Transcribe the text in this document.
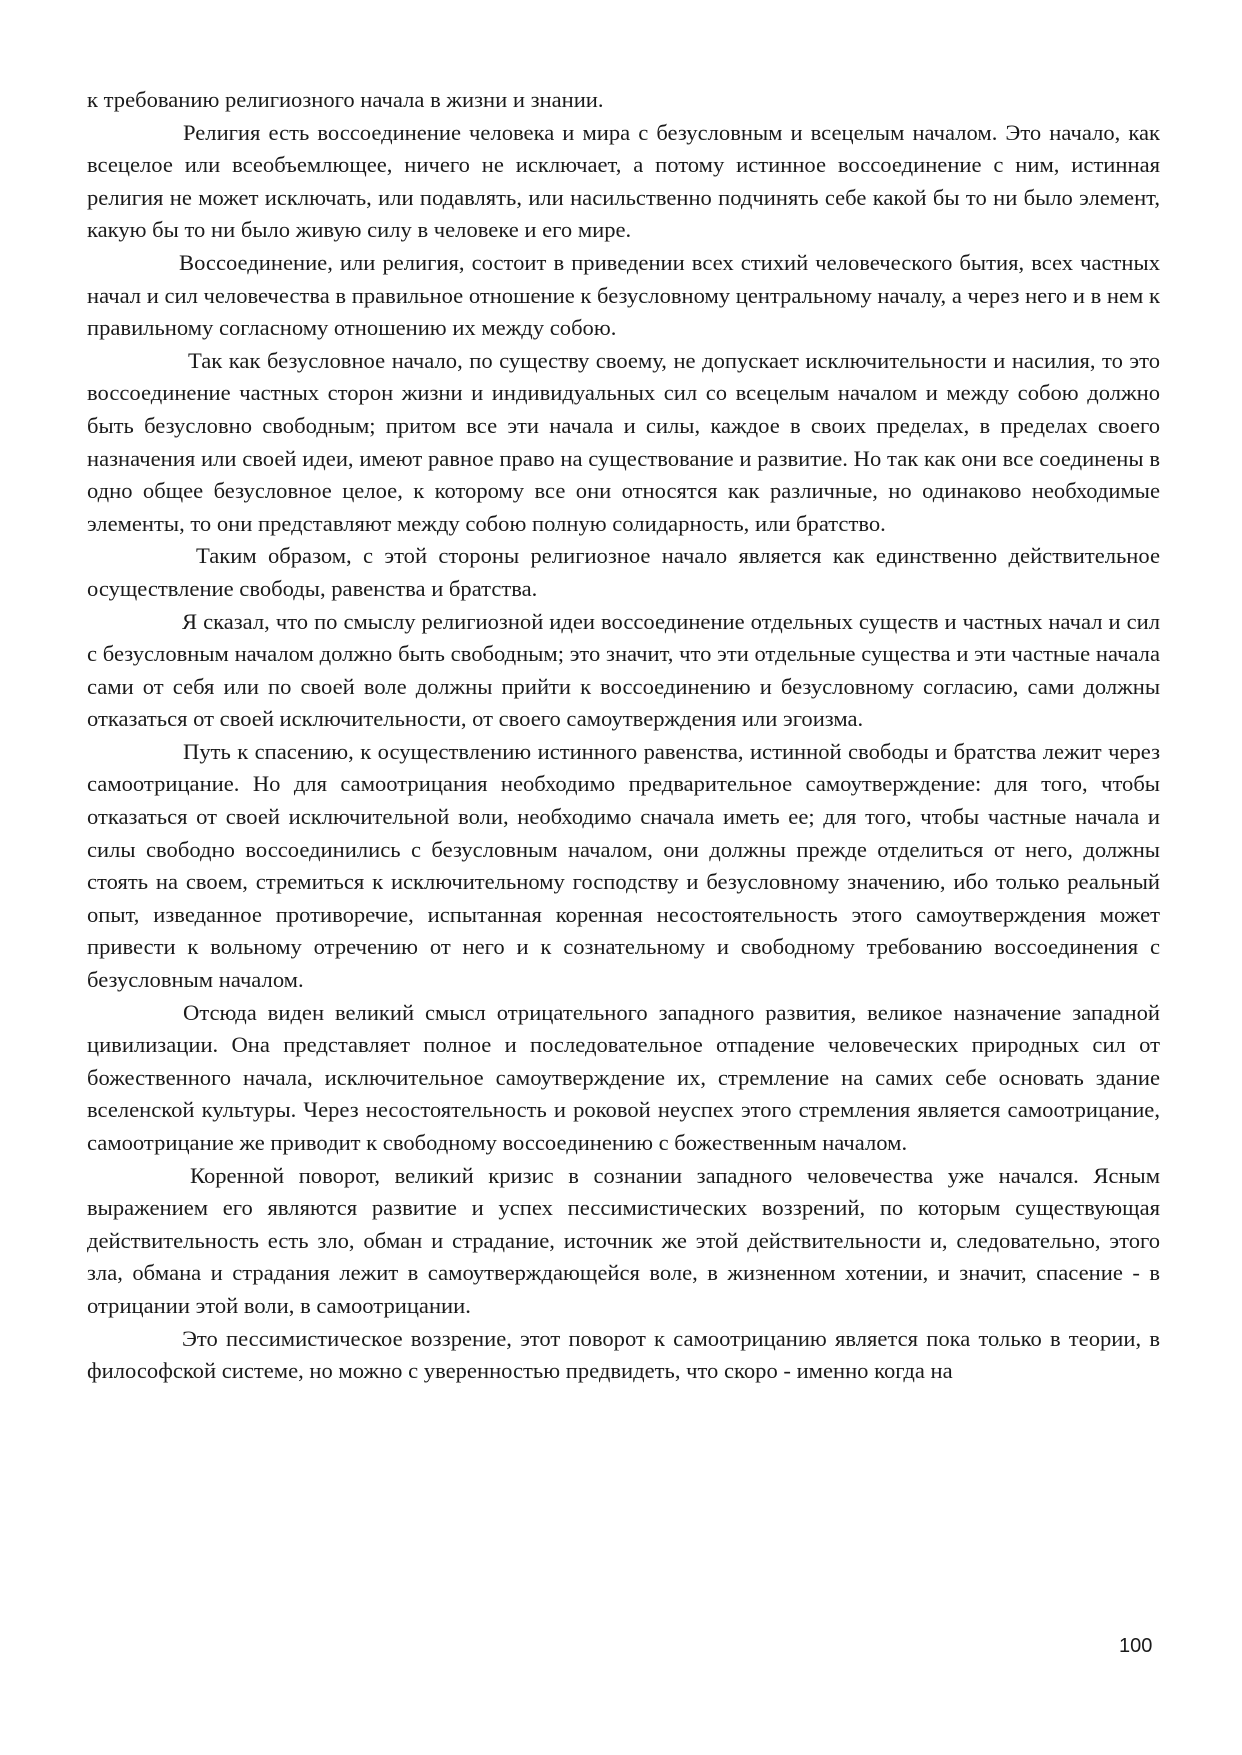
к требованию религиозного начала в жизни и знании.

Религия есть воссоединение человека и мира с безусловным и всецелым началом. Это начало, как всецелое или всеобъемлющее, ничего не исключает, а потому истинное воссоединение с ним, истинная религия не может исключать, или подавлять, или насильственно подчинять себе какой бы то ни было элемент, какую бы то ни было живую силу в человеке и его мире.

Воссоединение, или религия, состоит в приведении всех стихий человеческого бытия, всех частных начал и сил человечества в правильное отношение к безусловному центральному началу, а через него и в нем к правильному согласному отношению их между собою.

Так как безусловное начало, по существу своему, не допускает исключительности и насилия, то это воссоединение частных сторон жизни и индивидуальных сил со всецелым началом и между собою должно быть безусловно свободным; притом все эти начала и силы, каждое в своих пределах, в пределах своего назначения или своей идеи, имеют равное право на существование и развитие. Но так как они все соединены в одно общее безусловное целое, к которому все они относятся как различные, но одинаково необходимые элементы, то они представляют между собою полную солидарность, или братство.

Таким образом, с этой стороны религиозное начало является как единственно действительное осуществление свободы, равенства и братства.

Я сказал, что по смыслу религиозной идеи воссоединение отдельных существ и частных начал и сил с безусловным началом должно быть свободным; это значит, что эти отдельные существа и эти частные начала сами от себя или по своей воле должны прийти к воссоединению и безусловному согласию, сами должны отказаться от своей исключительности, от своего самоутверждения или эгоизма.

Путь к спасению, к осуществлению истинного равенства, истинной свободы и братства лежит через самоотрицание. Но для самоотрицания необходимо предварительное самоутверждение: для того, чтобы отказаться от своей исключительной воли, необходимо сначала иметь ее; для того, чтобы частные начала и силы свободно воссоединились с безусловным началом, они должны прежде отделиться от него, должны стоять на своем, стремиться к исключительному господству и безусловному значению, ибо только реальный опыт, изведанное противоречие, испытанная коренная несостоятельность этого самоутверждения может привести к вольному отречению от него и к сознательному и свободному требованию воссоединения с безусловным началом.

Отсюда виден великий смысл отрицательного западного развития, великое назначение западной цивилизации. Она представляет полное и последовательное отпадение человеческих природных сил от божественного начала, исключительное самоутверждение их, стремление на самих себе основать здание вселенской культуры. Через несостоятельность и роковой неуспех этого стремления является самоотрицание, самоотрицание же приводит к свободному воссоединению с божественным началом.

Коренной поворот, великий кризис в сознании западного человечества уже начался. Ясным выражением его являются развитие и успех пессимистических воззрений, по которым существующая действительность есть зло, обман и страдание, источник же этой действительности и, следовательно, этого зла, обмана и страдания лежит в самоутверждающейся воле, в жизненном хотении, и значит, спасение - в отрицании этой воли, в самоотрицании.

Это пессимистическое воззрение, этот поворот к самоотрицанию является пока только в теории, в философской системе, но можно с уверенностью предвидеть, что скоро - именно когда на

100
